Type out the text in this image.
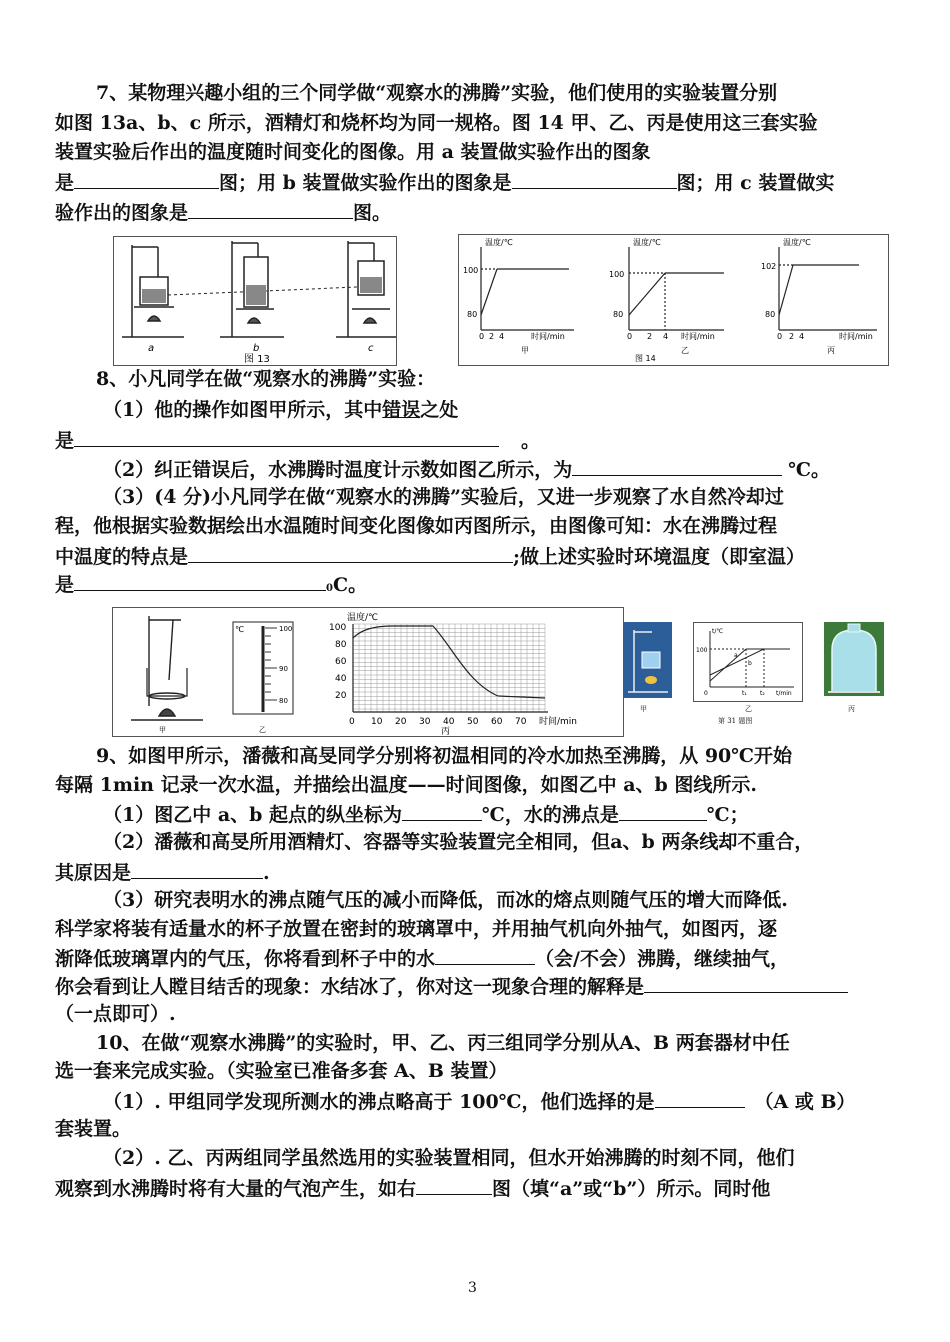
7、某物理兴趣小组的三个同学做“观察水的沸腾”实验，他们使用的实验装置分别
如图 13a、b、c 所示，酒精灯和烧杯均为同一规格。图 14 甲、乙、丙是使用这三套实验
装置实验后作出的温度随时间变化的图像。用 a 装置做实验作出的图象
是	图；用 b 装置做实验作出的图象是	图；用 c 装置做实
验作出的图象是	图。
a	b	c
图 13
温度/℃
100
80
0 2 4	时间/min
甲
温度/℃
100
80
0 2 4 时间/min
乙
图 14
温度/℃
102
80
0 2 4	时间/min
丙
8、小凡同学在做“观察水的沸腾”实验：
（1）他的操作如图甲所示，其中错误之处
是	。
（2）纠正错误后，水沸腾时温度计示数如图乙所示，为	℃。
（3）(4 分)小凡同学在做“观察水的沸腾”实验后，又进一步观察了水自然冷却过
程，他根据实验数据绘出水温随时间变化图像如丙图所示，由图像可知：水在沸腾过程
中温度的特点是	;做上述实验时环境温度（即室温）
是	0C。
甲
℃	100
90
80
乙
温度/℃
100
80
60
40
20
0 10 20 30 40 50 60 70 时间/min
丙
甲
t/℃
100
a
b
0	t₁ t₂ t/min
乙
第 31 题图
丙
9、如图甲所示，潘薇和高旻同学分别将初温相同的冷水加热至沸腾，从 90℃开始
每隔 1min 记录一次水温，并描绘出温度——时间图像，如图乙中 a、b 图线所示.
（1）图乙中 a、b 起点的纵坐标为	℃，水的沸点是	℃；
（2）潘薇和高旻所用酒精灯、容器等实验装置完全相同，但a、b 两条线却不重合，
其原因是	.
（3）研究表明水的沸点随气压的减小而降低，而冰的熔点则随气压的增大而降低.
科学家将装有适量水的杯子放置在密封的玻璃罩中，并用抽气机向外抽气，如图丙，逐
渐降低玻璃罩内的气压，你将看到杯子中的水	（会/不会）沸腾，继续抽气，
你会看到让人瞠目结舌的现象：水结冰了，你对这一现象合理的解释是
（一点即可）.
10、在做“观察水沸腾”的实验时，甲、乙、丙三组同学分别从A、B 两套器材中任
选一套来完成实验。（实验室已准备多套 A、B 装置）
（1）. 甲组同学发现所测水的沸点略高于 100℃，他们选择的是	（A 或 B）
套装置。
（2）. 乙、丙两组同学虽然选用的实验装置相同，但水开始沸腾的时刻不同，他们
观察到水沸腾时将有大量的气泡产生，如右	图（填“a”或“b”）所示。同时他
3
